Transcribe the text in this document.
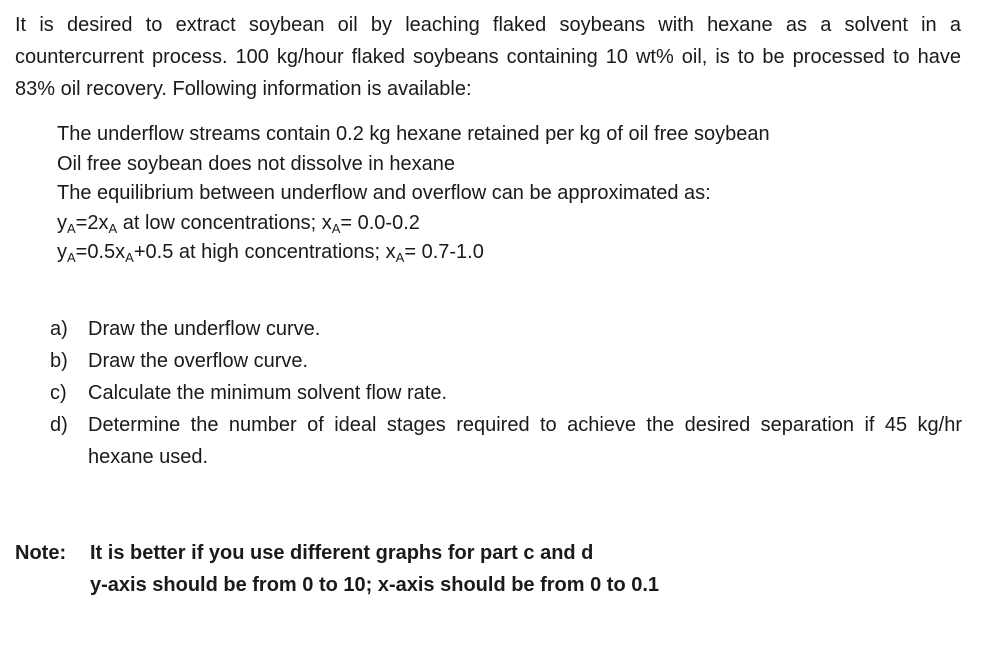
It is desired to extract soybean oil by leaching flaked soybeans with hexane as a solvent in a countercurrent process. 100 kg/hour flaked soybeans containing 10 wt% oil, is to be processed to have 83% oil recovery. Following information is available:

The underflow streams contain 0.2 kg hexane retained per kg of oil free soybean
Oil free soybean does not dissolve in hexane
The equilibrium between underflow and overflow can be approximated as:
$y_A=2x_A$ at low concentrations; $x_A= 0.0-0.2$
$y_A=0.5x_A+0.5$ at high concentrations; $x_A= 0.7-1.0$
a)	Draw the underflow curve.
b)	Draw the overflow curve.
c)	Calculate the minimum solvent flow rate.
d)	Determine the number of ideal stages required to achieve the desired separation if 45 kg/hr hexane used.
Note:	It is better if you use different graphs for part c and d
y-axis should be from 0 to 10; x-axis should be from 0 to 0.1
